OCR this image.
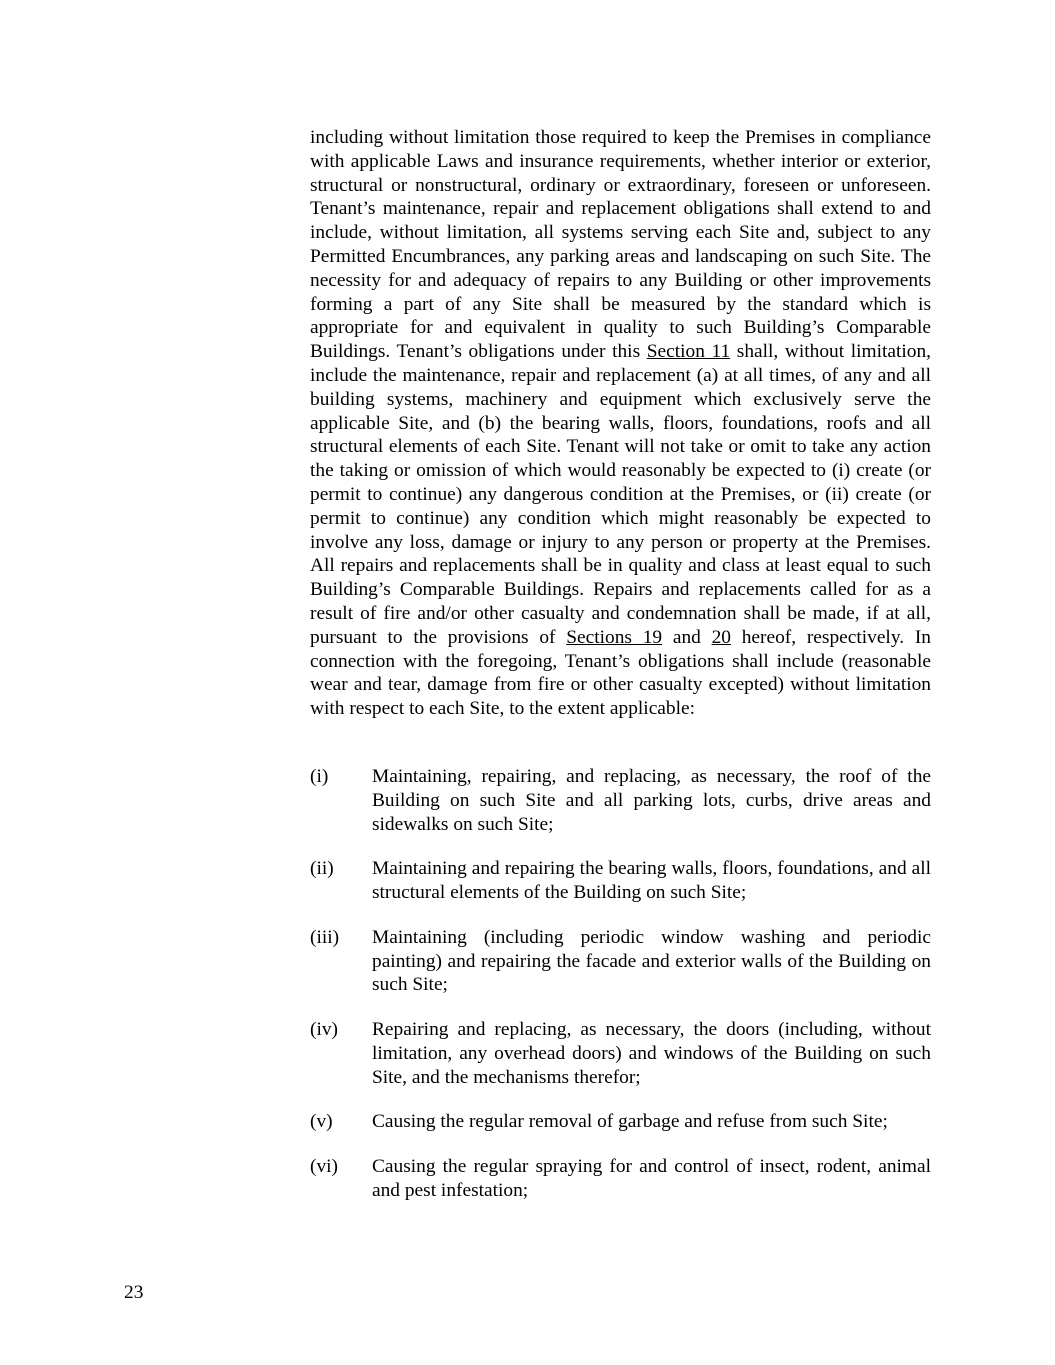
including without limitation those required to keep the Premises in compliance with applicable Laws and insurance requirements, whether interior or exterior, structural or nonstructural, ordinary or extraordinary, foreseen or unforeseen. Tenant’s maintenance, repair and replacement obligations shall extend to and include, without limitation, all systems serving each Site and, subject to any Permitted Encumbrances, any parking areas and landscaping on such Site. The necessity for and adequacy of repairs to any Building or other improvements forming a part of any Site shall be measured by the standard which is appropriate for and equivalent in quality to such Building’s Comparable Buildings. Tenant’s obligations under this Section 11 shall, without limitation, include the maintenance, repair and replacement (a) at all times, of any and all building systems, machinery and equipment which exclusively serve the applicable Site, and (b) the bearing walls, floors, foundations, roofs and all structural elements of each Site. Tenant will not take or omit to take any action the taking or omission of which would reasonably be expected to (i) create (or permit to continue) any dangerous condition at the Premises, or (ii) create (or permit to continue) any condition which might reasonably be expected to involve any loss, damage or injury to any person or property at the Premises. All repairs and replacements shall be in quality and class at least equal to such Building’s Comparable Buildings. Repairs and replacements called for as a result of fire and/or other casualty and condemnation shall be made, if at all, pursuant to the provisions of Sections 19 and 20 hereof, respectively. In connection with the foregoing, Tenant’s obligations shall include (reasonable wear and tear, damage from fire or other casualty excepted) without limitation with respect to each Site, to the extent applicable:

(i)	Maintaining, repairing, and replacing, as necessary, the roof of the Building on such Site and all parking lots, curbs, drive areas and sidewalks on such Site;
(ii)	Maintaining and repairing the bearing walls, floors, foundations, and all structural elements of the Building on such Site;
(iii)	Maintaining (including periodic window washing and periodic painting) and repairing the facade and exterior walls of the Building on such Site;
(iv)	Repairing and replacing, as necessary, the doors (including, without limitation, any overhead doors) and windows of the Building on such Site, and the mechanisms therefor;
(v)	Causing the regular removal of garbage and refuse from such Site;
(vi)	Causing the regular spraying for and control of insect, rodent, animal and pest infestation;
23
